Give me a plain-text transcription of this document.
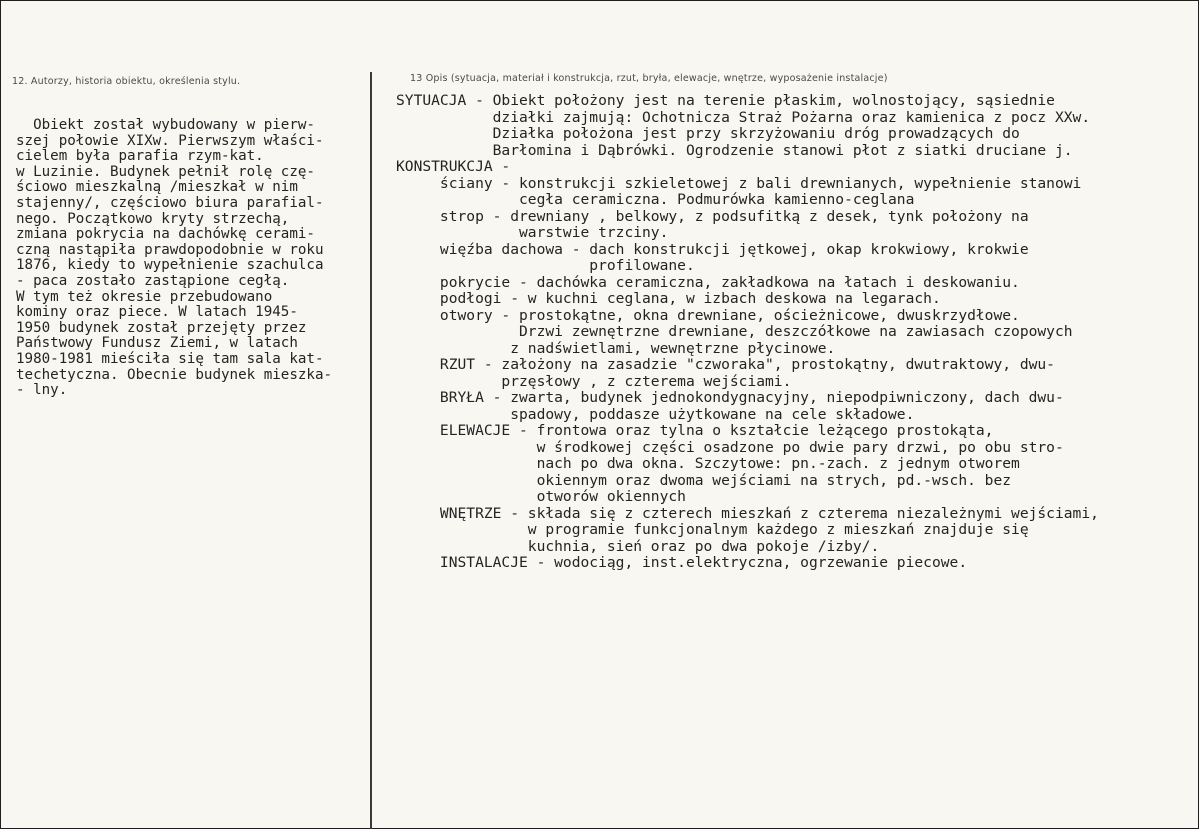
12. Autorzy, historia obiektu, określenia stylu.	13 Opis (sytuacja, materiał i konstrukcja, rzut, bryła, elewacje, wnętrze, wyposażenie instalacje)
Obiekt został wybudowany w pierw-
szej połowie XIXw. Pierwszym właści-
cielem była parafia rzym-kat.
w Luzinie. Budynek pełnił rolę czę-
ściowo mieszkalną /mieszkał w nim
stajenny/, częściowo biura parafial-
nego. Początkowo kryty strzechą,
zmiana pokrycia na dachówkę cerami-
czną nastąpiła prawdopodobnie w roku
1876, kiedy to wypełnienie szachulca
- paca zostało zastąpione cegłą.
W tym też okresie przebudowano
kominy oraz piece. W latach 1945-
1950 budynek został przejęty przez
Państwowy Fundusz Ziemi, w latach
1980-1981 mieściła się tam sala kat-
techetyczna. Obecnie budynek mieszka-
- lny.
SYTUACJA - Obiekt położony jest na terenie płaskim, wolnostojący, sąsiednie
działki zajmują: Ochotnicza Straż Pożarna oraz kamienica z pocz XXw.
Działka położona jest przy skrzyżowaniu dróg prowadzących do
Barłomina i Dąbrówki. Ogrodzenie stanowi płot z siatki druciane j.
KONSTRUKCJA -
ściany - konstrukcji szkieletowej z bali drewnianych, wypełnienie stanowi
cegła ceramiczna. Podmurówka kamienno-ceglana
strop - drewniany , belkowy, z podsufitką z desek, tynk położony na
warstwie trzciny.
więźba dachowa - dach konstrukcji jętkowej, okap krokwiowy, krokwie
profilowane.
pokrycie - dachówka ceramiczna, zakładkowa na łatach i deskowaniu.
podłogi - w kuchni ceglana, w izbach deskowa na legarach.
otwory - prostokątne, okna drewniane, ościeżnicowe, dwuskrzydłowe.
Drzwi zewnętrzne drewniane, deszczółkowe na zawiasach czopowych
z nadświetlami, wewnętrzne płycinowe.
RZUT - założony na zasadzie "czworaka", prostokątny, dwutraktowy, dwu-
przęsłowy , z czterema wejściami.
BRYŁA - zwarta, budynek jednokondygnacyjny, niepodpiwniczony, dach dwu-
spadowy, poddasze użytkowane na cele składowe.
ELEWACJE - frontowa oraz tylna o kształcie leżącego prostokąta,
w środkowej części osadzone po dwie pary drzwi, po obu stro-
nach po dwa okna. Szczytowe: pn.-zach. z jednym otworem
okiennym oraz dwoma wejściami na strych, pd.-wsch. bez
otworów okiennych
WNĘTRZE - składa się z czterech mieszkań z czterema niezależnymi wejściami,
w programie funkcjonalnym każdego z mieszkań znajduje się
kuchnia, sień oraz po dwa pokoje /izby/.
INSTALACJE - wodociąg, inst.elektryczna, ogrzewanie piecowe.
